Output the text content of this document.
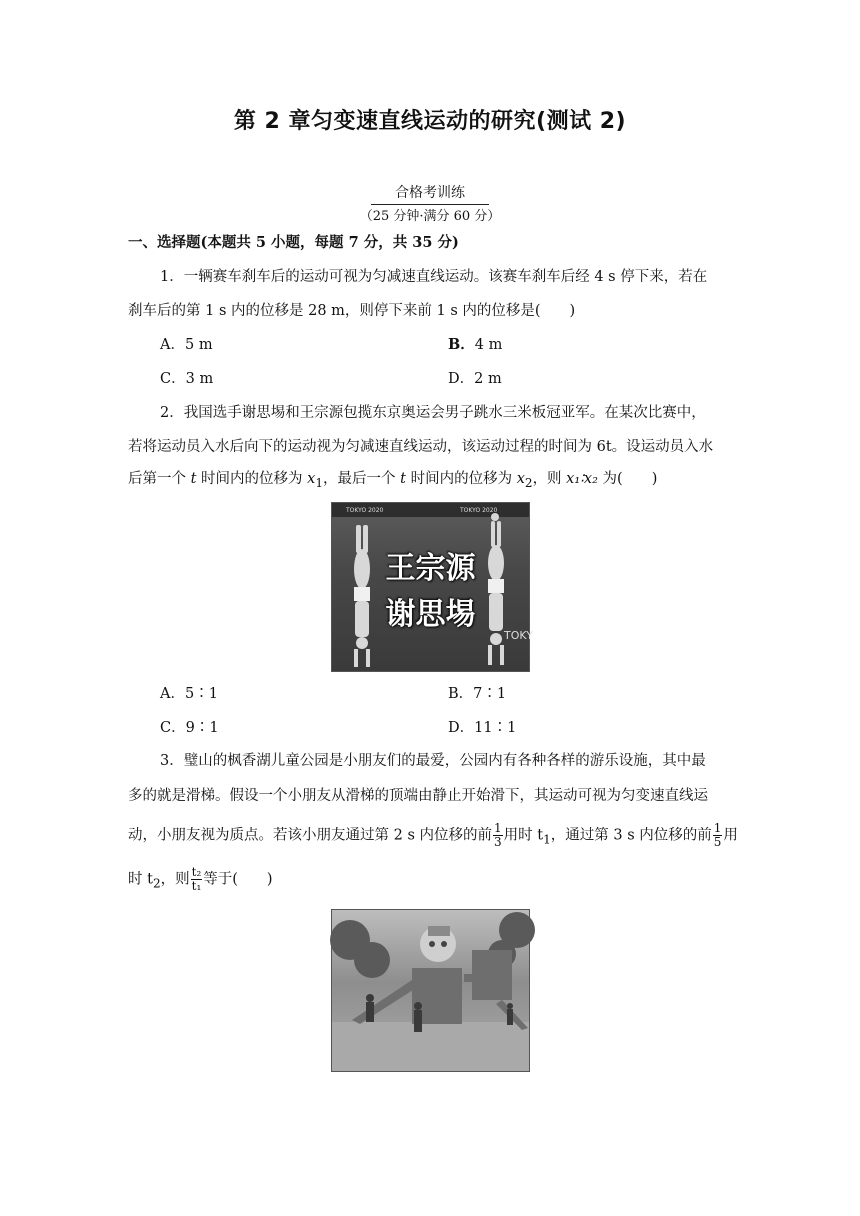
第 2 章匀变速直线运动的研究(测试 2)
合格考训练
（25 分钟·满分 60 分）
一、选择题(本题共 5 小题，每题 7 分，共 35 分)
1．一辆赛车刹车后的运动可视为匀减速直线运动。该赛车刹车后经 4 s 停下来，若在
刹车后的第 1 s 内的位移是 28 m，则停下来前 1 s 内的位移是(　　)
A．5 m	B．4 m
C．3 m	D．2 m
2．我国选手谢思埸和王宗源包揽东京奥运会男子跳水三米板冠亚军。在某次比赛中，
若将运动员入水后向下的运动视为匀减速直线运动，该运动过程的时间为 6t。设运动员入水
后第一个 t 时间内的位移为 $x_1$，最后一个 t 时间内的位移为 $x_2$，则 x₁∶x₂ 为(　　)
王宗源
谢思埸
TOKYO 2020	TOKYO 2020
TOKY
A．5∶1	B．7∶1
C．9∶1	D．11∶1
3．璧山的枫香湖儿童公园是小朋友们的最爱，公园内有各种各样的游乐设施，其中最
多的就是滑梯。假设一个小朋友从滑梯的顶端由静止开始滑下，其运动可视为匀变速直线运
动，小朋友视为质点。若该小朋友通过第 2 s 内位移的前 $\frac{1}{3}$ 用时 $t_1$，通过第 3 s 内位移的前 $\frac{1}{5}$ 用
时 $t_2$，则 $\frac{\text{t₂}}{\text{t₁}}$ 等于(　　)
